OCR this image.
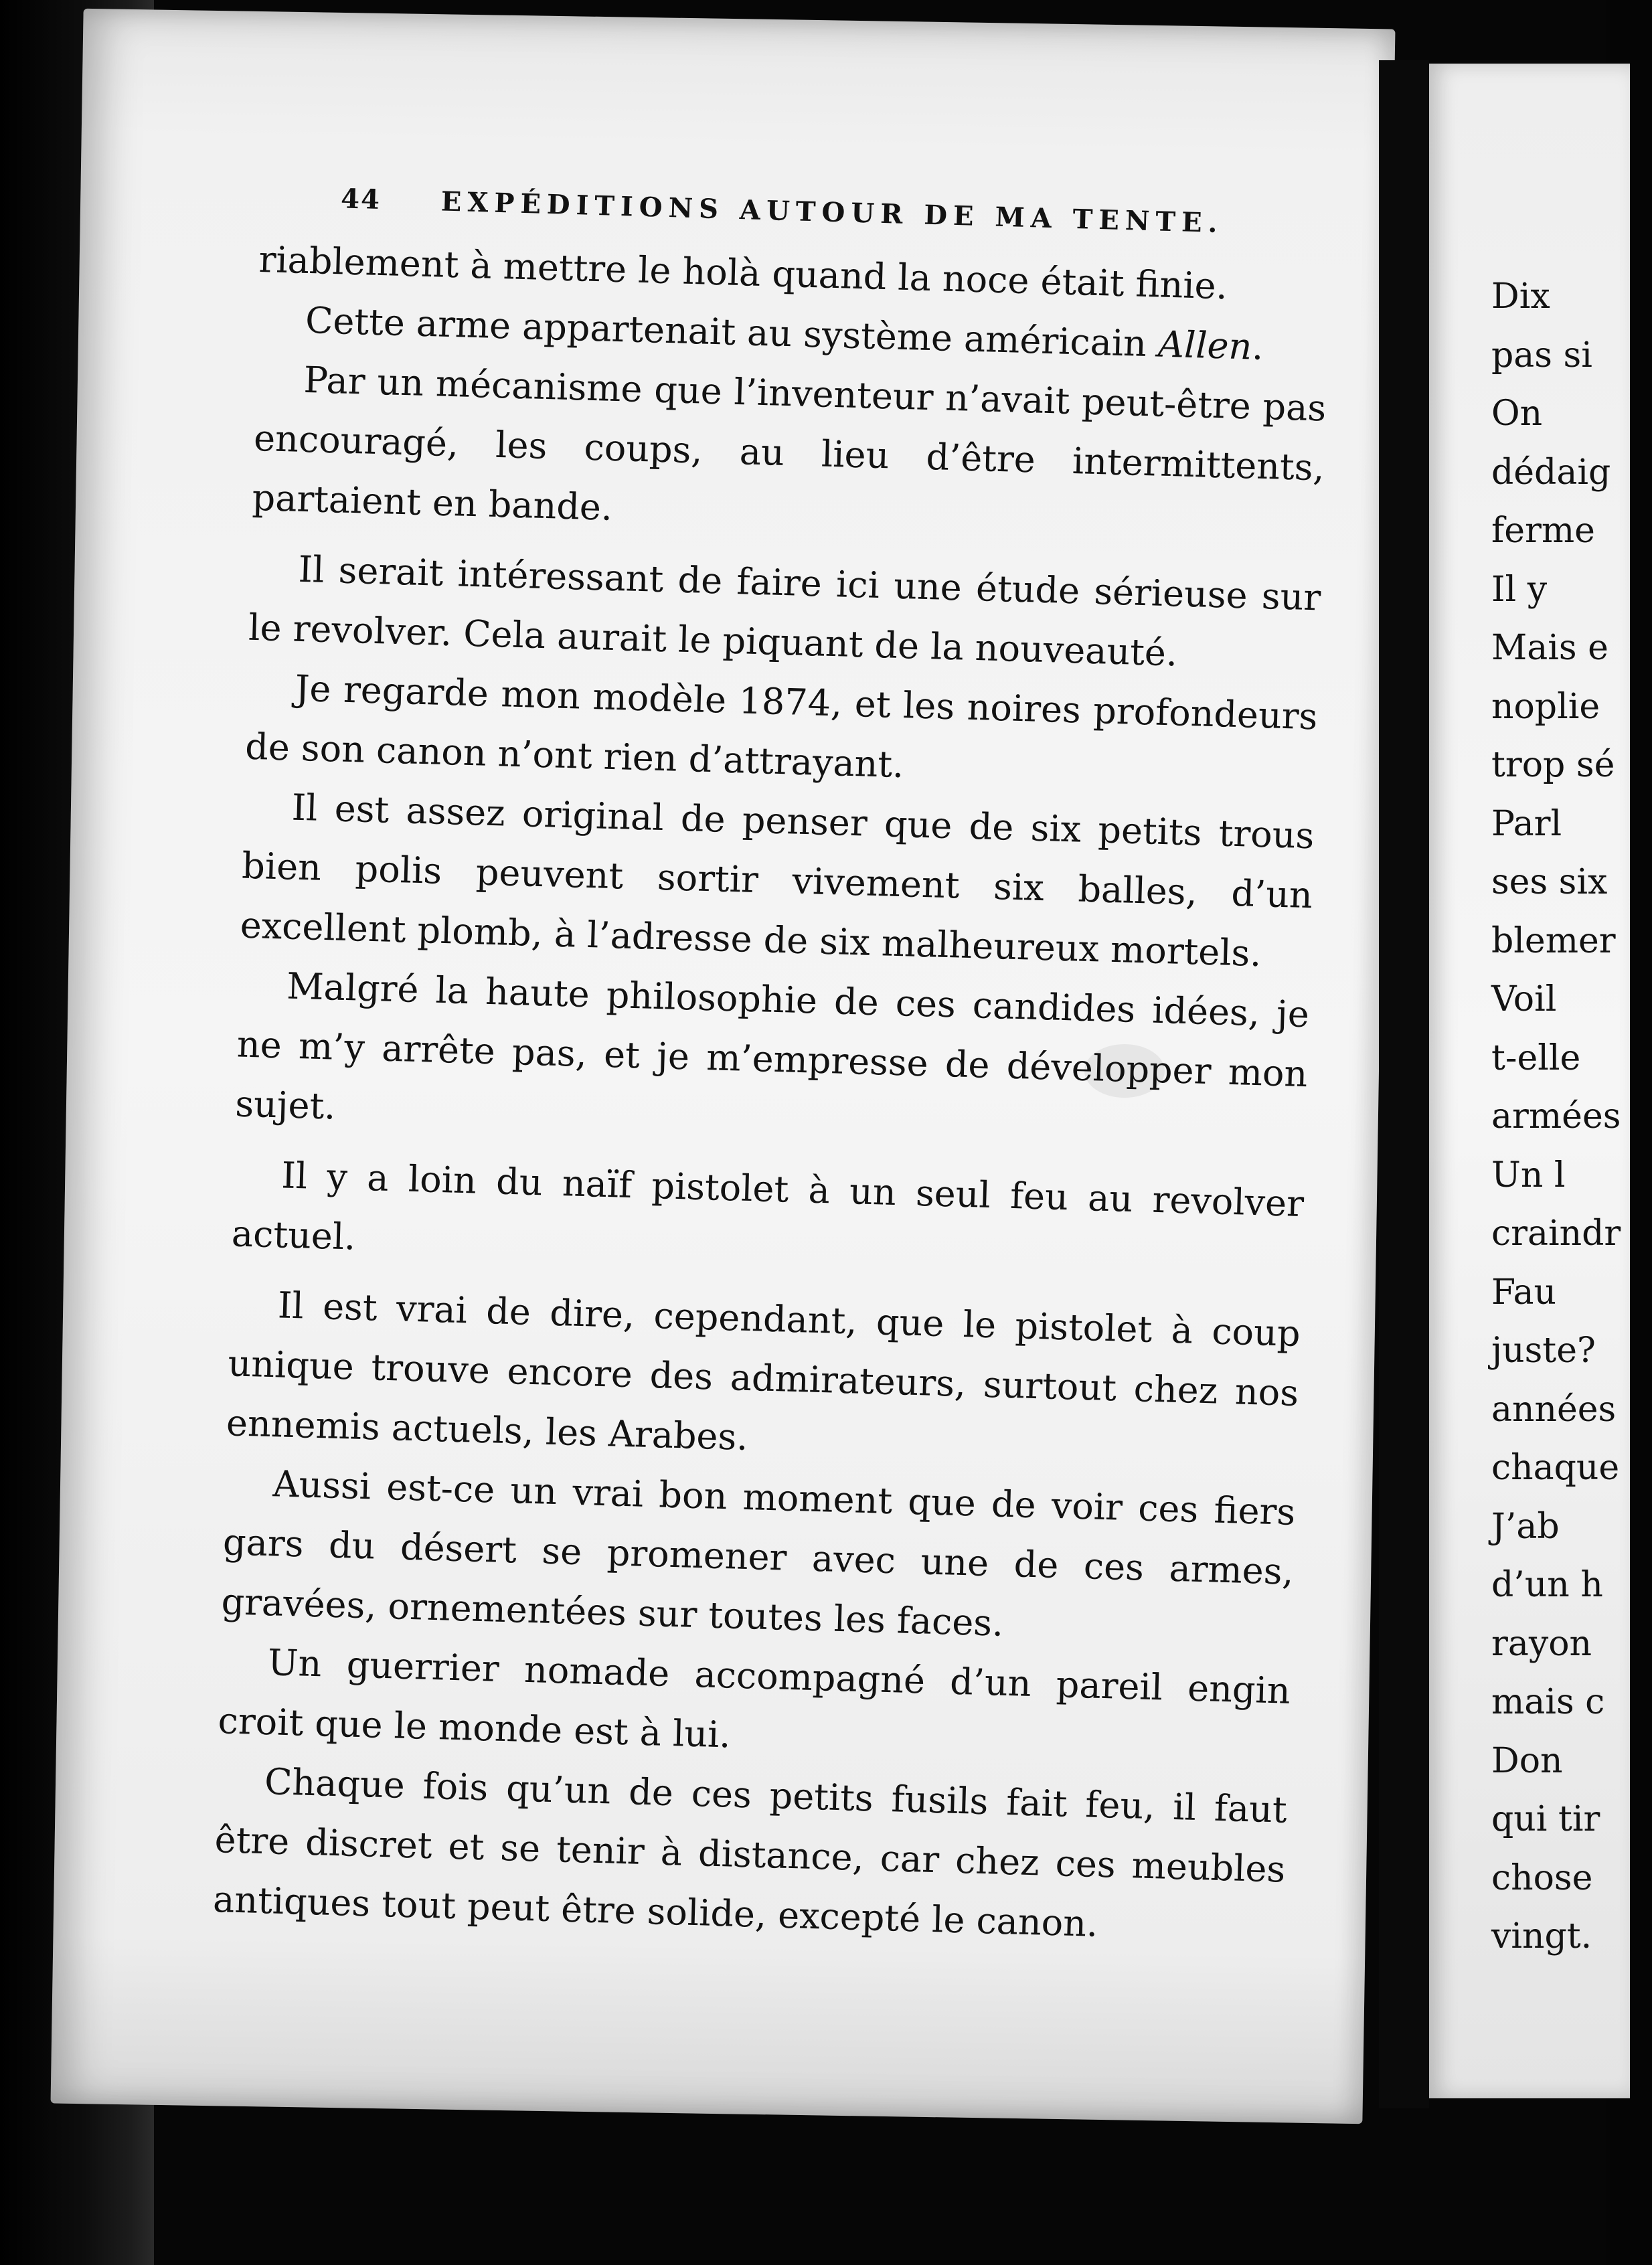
44 EXPÉDITIONS AUTOUR DE MA TENTE.

riablement à mettre le holà quand la noce était finie.

Cette arme appartenait au système américain Allen.

Par un mécanisme que l’inventeur n’avait peut-être pas encouragé, les coups, au lieu d’être intermittents, partaient en bande.

Il serait intéressant de faire ici une étude sérieuse sur le revolver. Cela aurait le piquant de la nouveauté.

Je regarde mon modèle 1874, et les noires profondeurs de son canon n’ont rien d’attrayant.

Il est assez original de penser que de six petits trous bien polis peuvent sortir vivement six balles, d’un excellent plomb, à l’adresse de six malheureux mortels.

Malgré la haute philosophie de ces candides idées, je ne m’y arrête pas, et je m’empresse de développer mon sujet.

Il y a loin du naïf pistolet à un seul feu au revolver actuel.

Il est vrai de dire, cependant, que le pistolet à coup unique trouve encore des admirateurs, surtout chez nos ennemis actuels, les Arabes.

Aussi est-ce un vrai bon moment que de voir ces fiers gars du désert se promener avec une de ces armes, gravées, ornementées sur toutes les faces.

Un guerrier nomade accompagné d’un pareil engin croit que le monde est à lui.

Chaque fois qu’un de ces petits fusils fait feu, il faut être discret et se tenir à distance, car chez ces meubles antiques tout peut être solide, excepté le canon.

Dix
pas si
On
dédaig
ferme
Il y
Mais e
noplie
trop sé
Parl
ses six
blemer
Voil
t-elle
armées
Un l
craindr
Fau
juste?
années
chaque
J’ab
d’un h
rayon
mais c
Don
qui tir
chose
vingt.
